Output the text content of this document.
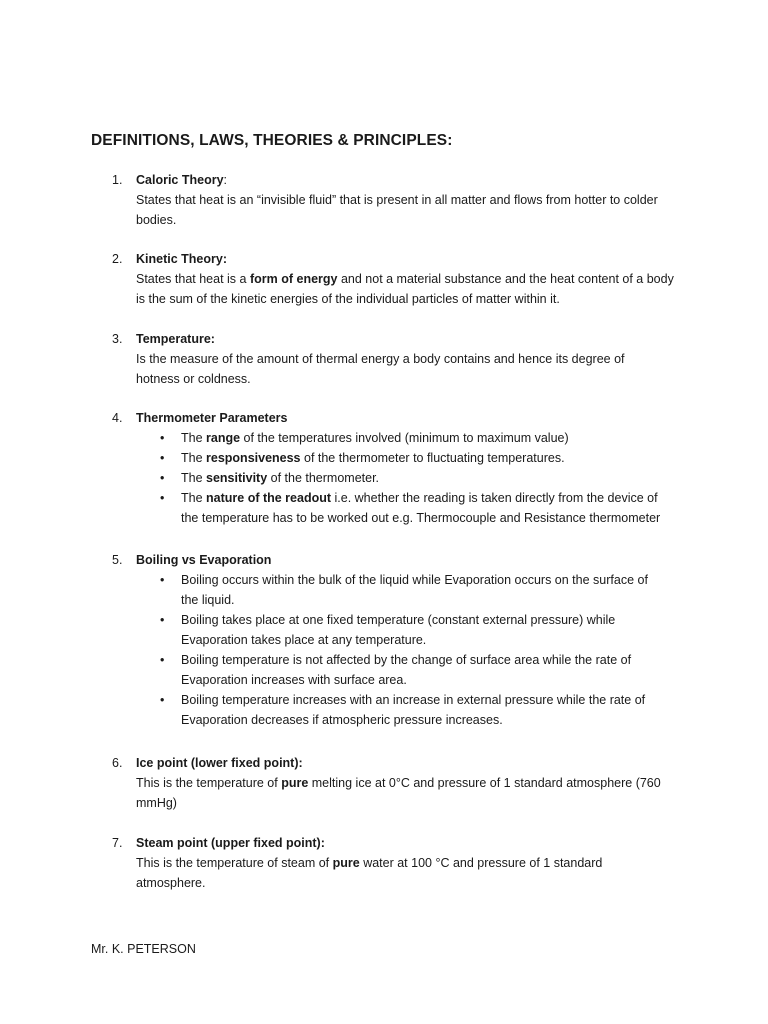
DEFINITIONS, LAWS, THEORIES & PRINCIPLES:
1. Caloric Theory:
States that heat is an “invisible fluid” that is present in all matter and flows from hotter to colder
bodies.
2. Kinetic Theory:
States that heat is a form of energy and not a material substance and the heat content of a body
is the sum of the kinetic energies of the individual particles of matter within it.
3. Temperature:
Is the measure of the amount of thermal energy a body contains and hence its degree of
hotness or coldness.
4. Thermometer Parameters
• The range of the temperatures involved (minimum to maximum value)
• The responsiveness of the thermometer to fluctuating temperatures.
• The sensitivity of the thermometer.
• The nature of the readout i.e. whether the reading is taken directly from the device of
the temperature has to be worked out e.g. Thermocouple and Resistance thermometer
5. Boiling vs Evaporation
• Boiling occurs within the bulk of the liquid while Evaporation occurs on the surface of
the liquid.
• Boiling takes place at one fixed temperature (constant external pressure) while
Evaporation takes place at any temperature.
• Boiling temperature is not affected by the change of surface area while the rate of
Evaporation increases with surface area.
• Boiling temperature increases with an increase in external pressure while the rate of
Evaporation decreases if atmospheric pressure increases.
6. Ice point (lower fixed point):
This is the temperature of pure melting ice at 0°C and pressure of 1 standard atmosphere (760
mmHg)
7. Steam point (upper fixed point):
This is the temperature of steam of pure water at 100 °C and pressure of 1 standard
atmosphere.
Mr. K. PETERSON
